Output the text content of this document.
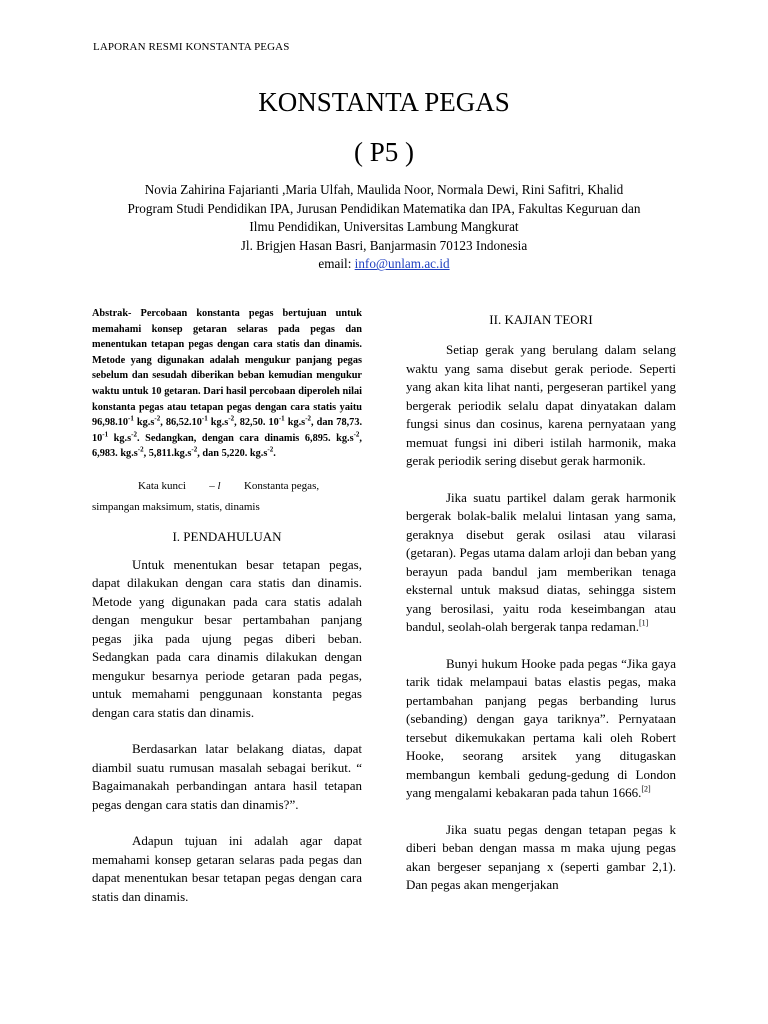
LAPORAN RESMI KONSTANTA PEGAS
KONSTANTA PEGAS
( P5 )
Novia Zahirina Fajarianti ,Maria Ulfah, Maulida Noor, Normala Dewi, Rini Safitri, Khalid
Program Studi Pendidikan IPA, Jurusan Pendidikan Matematika dan IPA, Fakultas Keguruan dan
Ilmu Pendidikan, Universitas Lambung Mangkurat
Jl. Brigjen Hasan Basri, Banjarmasin 70123 Indonesia
email: info@unlam.ac.id

Abstrak- Percobaan konstanta pegas bertujuan untuk memahami konsep getaran selaras pada pegas dan menentukan tetapan pegas dengan cara statis dan dinamis. Metode yang digunakan adalah mengukur panjang pegas sebelum dan sesudah diberikan beban kemudian mengukur waktu untuk 10 getaran. Dari hasil percobaan diperoleh nilai konstanta pegas atau tetapan pegas dengan cara statis yaitu $96,98.10^{-1}$ $kg.s^{-2}$, $86,52.10^{-1}$ $kg.s^{-2}$, 82,50. $10^{-1}$ $kg.s^{-2}$, dan 78,73. $10^{-1}$ $kg.s^{-2}$. Sedangkan, dengan cara dinamis 6,895. $kg.s^{-2}$, 6,983. $kg.s^{-2}$, $5,811.kg.s^{-2}$, dan 5,220. $kg.s^{-2}$.

Kata kunci – l Konstanta pegas,
simpangan maksimum, statis, dinamis

I. PENDAHULUAN

Untuk menentukan besar tetapan pegas, dapat dilakukan dengan cara statis dan dinamis. Metode yang digunakan pada cara statis adalah dengan mengukur besar pertambahan panjang pegas jika pada ujung pegas diberi beban. Sedangkan pada cara dinamis dilakukan dengan mengukur besarnya periode getaran pada pegas, untuk memahami penggunaan konstanta pegas dengan cara statis dan dinamis.

Berdasarkan latar belakang diatas, dapat diambil suatu rumusan masalah sebagai berikut. “ Bagaimanakah perbandingan antara hasil tetapan pegas dengan cara statis dan dinamis?”.

Adapun tujuan ini adalah agar dapat memahami konsep getaran selaras pada pegas dan dapat menentukan besar tetapan pegas dengan cara statis dan dinamis.

II. KAJIAN TEORI

Setiap gerak yang berulang dalam selang waktu yang sama disebut gerak periode. Seperti yang akan kita lihat nanti, pergeseran partikel yang bergerak periodik selalu dapat dinyatakan dalam fungsi sinus dan cosinus, karena pernyataan yang memuat fungsi ini diberi istilah harmonik, maka gerak periodik sering disebut gerak harmonik.

Jika suatu partikel dalam gerak harmonik bergerak bolak-balik melalui lintasan yang sama, geraknya disebut gerak osilasi atau vilarasi (getaran). Pegas utama dalam arloji dan beban yang berayun pada bandul jam memberikan tenaga eksternal untuk maksud diatas, sehingga sistem yang berosilasi, yaitu roda keseimbangan atau bandul, seolah-olah bergerak tanpa redaman.[1]

Bunyi hukum Hooke pada pegas “Jika gaya tarik tidak melampaui batas elastis pegas, maka pertambahan panjang pegas berbanding lurus (sebanding) dengan gaya tariknya”. Pernyataan tersebut dikemukakan pertama kali oleh Robert Hooke, seorang arsitek yang ditugaskan membangun kembali gedung-gedung di London yang mengalami kebakaran pada tahun 1666.[2]

Jika suatu pegas dengan tetapan pegas k diberi beban dengan massa m maka ujung pegas akan bergeser sepanjang x (seperti gambar 2,1). Dan pegas akan mengerjakan
